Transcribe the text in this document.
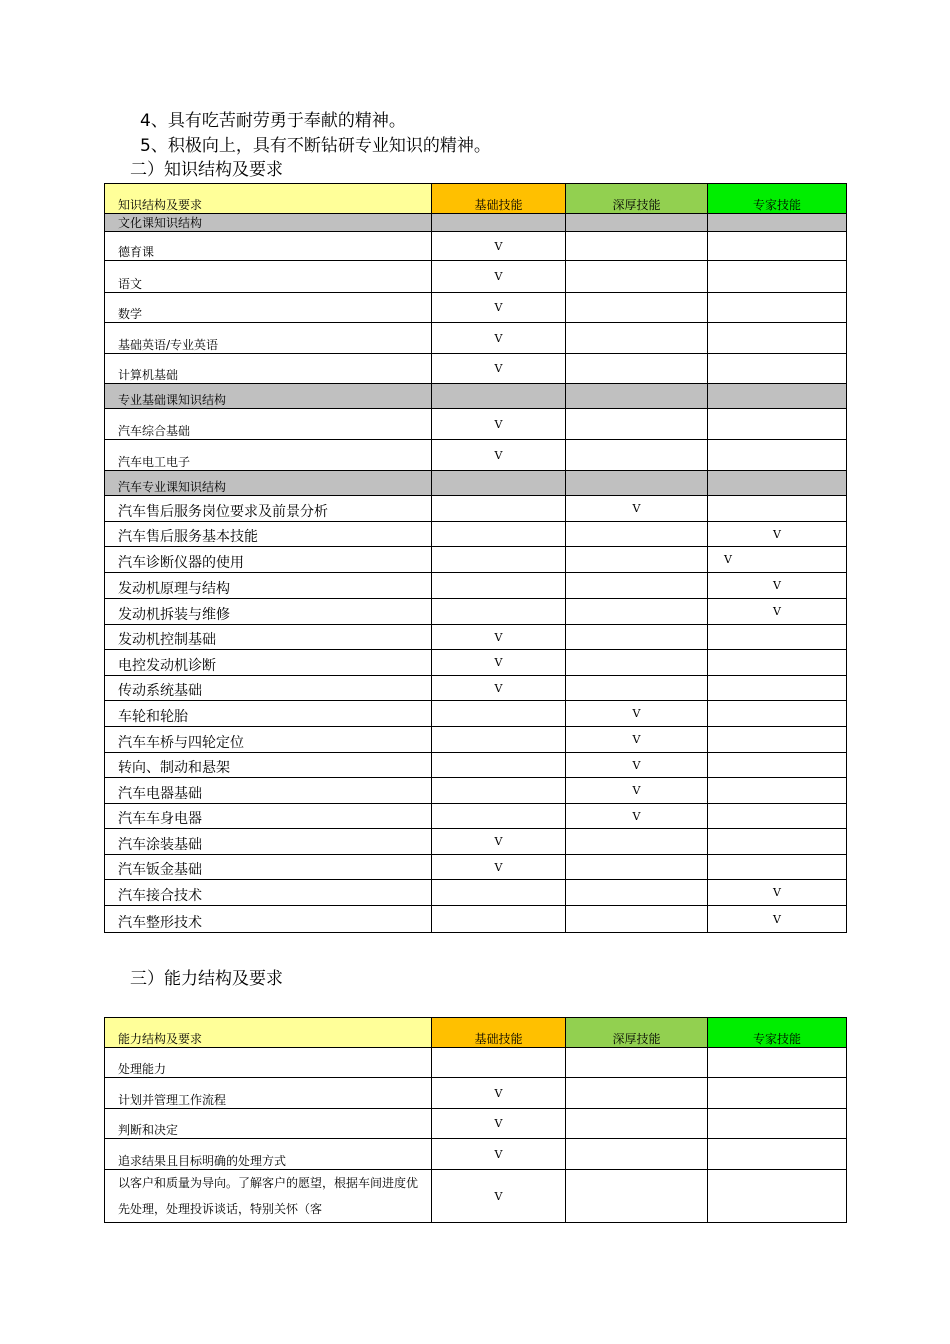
4、具有吃苦耐劳勇于奉献的精神。
5、积极向上，具有不断钻研专业知识的精神。
二）知识结构及要求
知识结构及要求	基础技能	深厚技能	专家技能
文化课知识结构			
德育课	V		
语文	V		
数学	V		
基础英语/专业英语	V		
计算机基础	V		
专业基础课知识结构			
汽车综合基础	V		
汽车电工电子	V		
汽车专业课知识结构			
汽车售后服务岗位要求及前景分析		V	
汽车售后服务基本技能			V
汽车诊断仪器的使用			V
发动机原理与结构			V
发动机拆装与维修			V
发动机控制基础	V		
电控发动机诊断	V		
传动系统基础	V		
车轮和轮胎		V	
汽车车桥与四轮定位		V	
转向、制动和悬架		V	
汽车电器基础		V	
汽车车身电器		V	
汽车涂装基础	V		
汽车钣金基础	V		
汽车接合技术			V
汽车整形技术			V
三）能力结构及要求
能力结构及要求	基础技能	深厚技能	专家技能
处理能力			
计划并管理工作流程	V		
判断和决定	V		
追求结果且目标明确的处理方式	V		
以客户和质量为导向。了解客户的愿望，根据车间进度优先处理，处理投诉谈话，特别关怀（客	V		
